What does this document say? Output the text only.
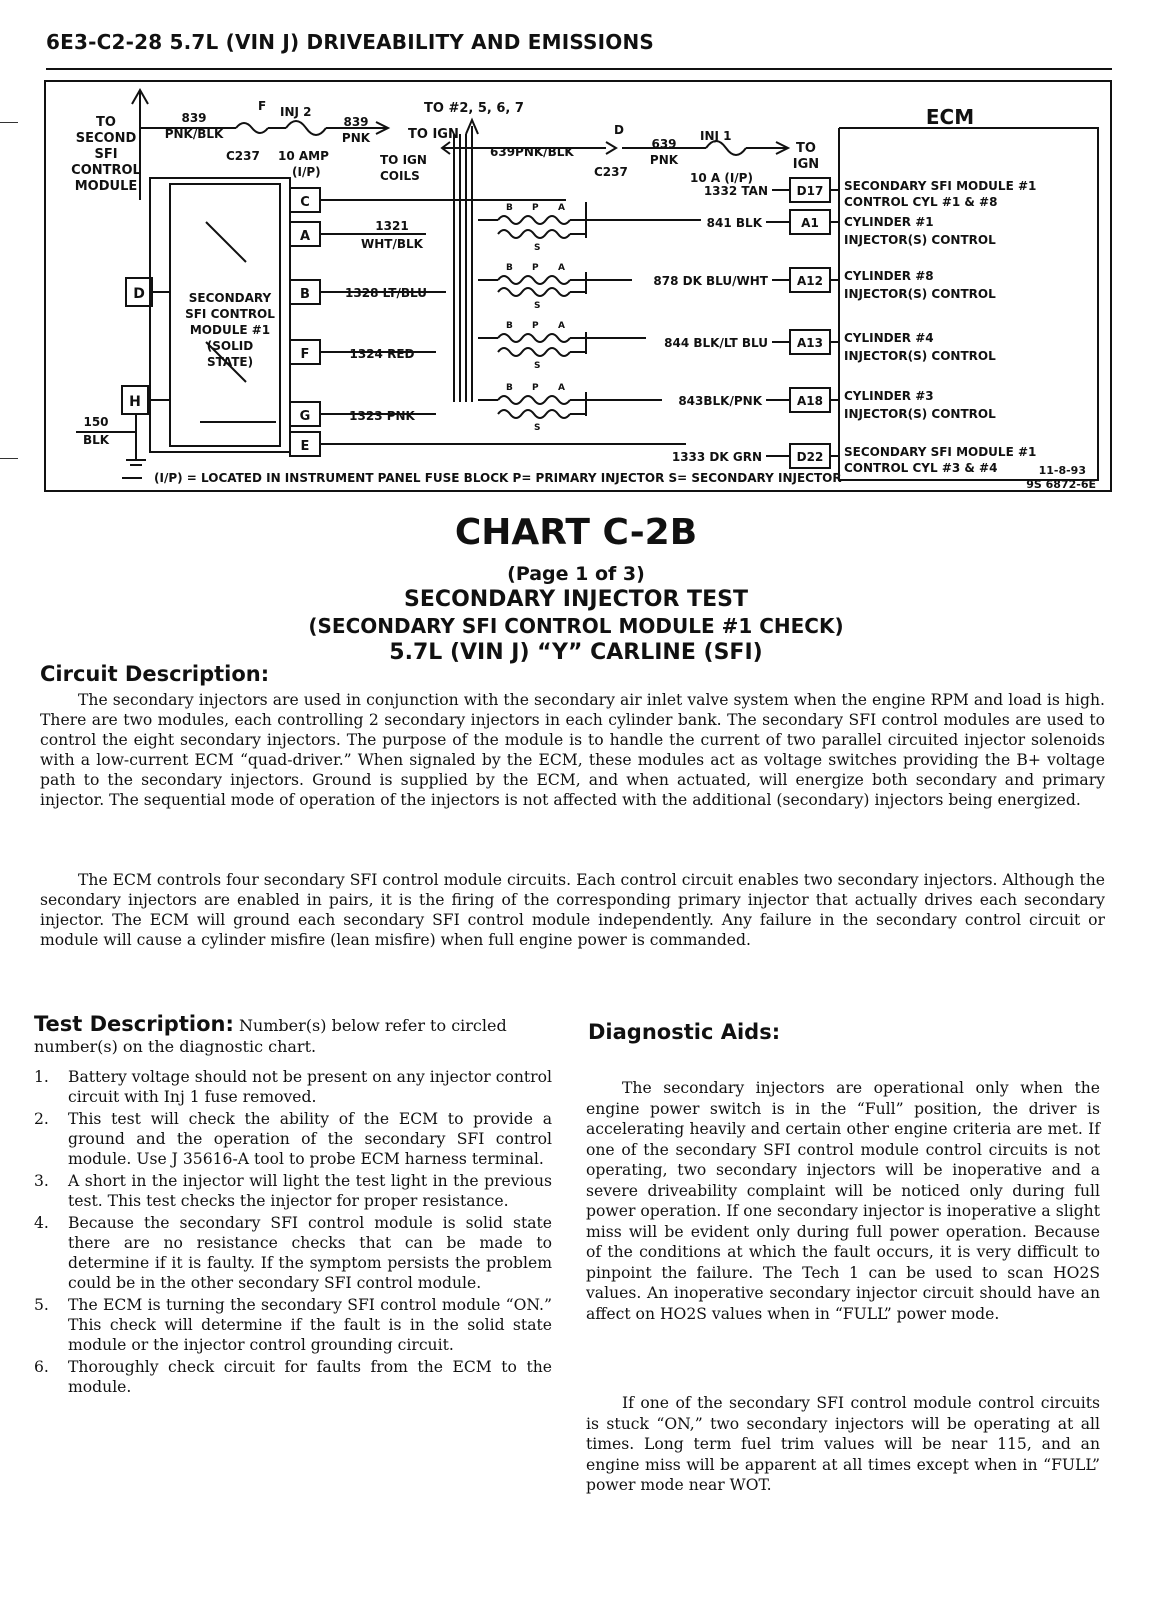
6E3-C2-28 5.7L (VIN J) DRIVEABILITY AND EMISSIONS
TO
SECOND
SFI
CONTROL
MODULE
839
PNK/BLK
F INJ 2
C237 10 AMP
(I/P)
839
PNK	TO IGN
TO IGN
COILS
TO #2, 5, 6, 7
639PNK/BLK
D	INJ 1
C237	10 A (I/P)
639
PNK
TO
IGN
ECM
SECONDARY
SFI CONTROL
MODULE #1
(SOLID
STATE)
D
H
C
A
B
F
G
E
150
BLK
1321
WHT/BLK
1328 LT/BLU
1324 RED
1323 PNK
B P A
S
B P A
S
B P A
S
B P A
S
1332 TAN D17 SECONDARY SFI MODULE #1
CONTROL CYL #1 & #8
841 BLK	A1 CYLINDER #1
INJECTOR(S) CONTROL
878 DK BLU/WHT A12 CYLINDER #8
INJECTOR(S) CONTROL
844 BLK/LT BLU A13 CYLINDER #4
INJECTOR(S) CONTROL
843BLK/PNK	A18 CYLINDER #3
INJECTOR(S) CONTROL
1333 DK GRN	D22 SECONDARY SFI MODULE #1
CONTROL CYL #3 & #4
(I/P) = LOCATED IN INSTRUMENT PANEL FUSE BLOCK P= PRIMARY INJECTOR S= SECONDARY INJECTOR
11-8-93
9S 6872-6E
CHART C-2B
(Page 1 of 3)
SECONDARY INJECTOR TEST
(SECONDARY SFI CONTROL MODULE #1 CHECK)
5.7L (VIN J) “Y” CARLINE (SFI)
Circuit Description:

The secondary injectors are used in conjunction with the secondary air inlet valve system when the engine RPM and load is high. There are two modules, each controlling 2 secondary injectors in each cylinder bank. The secondary SFI control modules are used to control the eight secondary injectors. The purpose of the module is to handle the current of two parallel circuited injector solenoids with a low-current ECM “quad-driver.” When signaled by the ECM, these modules act as voltage switches providing the B+ voltage path to the secondary injectors. Ground is supplied by the ECM, and when actuated, will energize both secondary and primary injector. The sequential mode of operation of the injectors is not affected with the additional (secondary) injectors being energized.

The ECM controls four secondary SFI control module circuits. Each control circuit enables two secondary injectors. Although the secondary injectors are enabled in pairs, it is the firing of the corresponding primary injector that actually drives each secondary injector. The ECM will ground each secondary SFI control module independently. Any failure in the secondary control circuit or module will cause a cylinder misfire (lean misfire) when full engine power is commanded.

Test Description: Number(s) below refer to circled number(s) on the diagnostic chart.
1. Battery voltage should not be present on any injector control circuit with Inj 1 fuse removed.
2. This test will check the ability of the ECM to provide a ground and the operation of the secondary SFI control module. Use J 35616-A tool to probe ECM harness terminal.
3. A short in the injector will light the test light in the previous test. This test checks the injector for proper resistance.
4. Because the secondary SFI control module is solid state there are no resistance checks that can be made to determine if it is faulty. If the symptom persists the problem could be in the other secondary SFI control module.
5. The ECM is turning the secondary SFI control module “ON.” This check will determine if the fault is in the solid state module or the injector control grounding circuit.
6. Thoroughly check circuit for faults from the ECM to the module.
Diagnostic Aids:

The secondary injectors are operational only when the engine power switch is in the “Full” position, the driver is accelerating heavily and certain other engine criteria are met. If one of the secondary SFI control module control circuits is not operating, two secondary injectors will be inoperative and a severe driveability complaint will be noticed only during full power operation. If one secondary injector is inoperative a slight miss will be evident only during full power operation. Because of the conditions at which the fault occurs, it is very difficult to pinpoint the failure. The Tech 1 can be used to scan HO2S values. An inoperative secondary injector circuit should have an affect on HO2S values when in “FULL” power mode.

If one of the secondary SFI control module control circuits is stuck “ON,” two secondary injectors will be operating at all times. Long term fuel trim values will be near 115, and an engine miss will be apparent at all times except when in “FULL” power mode near WOT.
